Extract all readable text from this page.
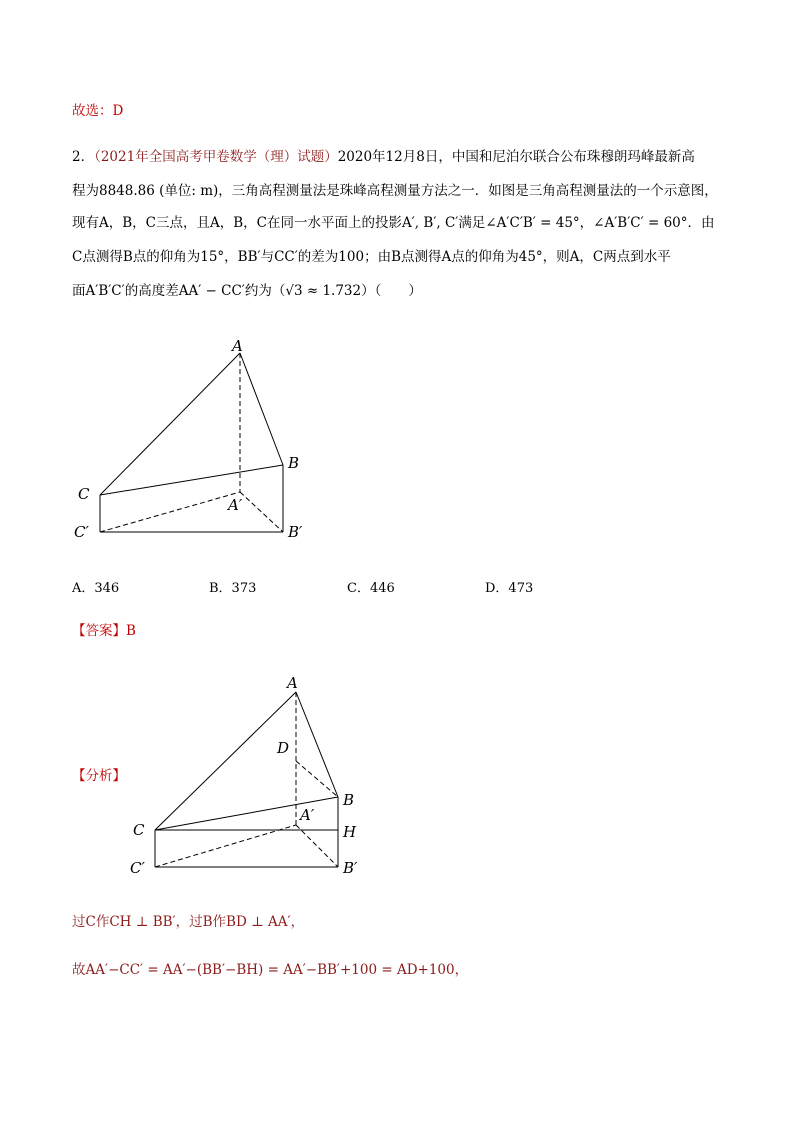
故选：D
2．（2021年全国高考甲卷数学（理）试题）2020年12月8日，中国和尼泊尔联合公布珠穆朗玛峰最新高
程为8848.86 (单位: m)，三角高程测量法是珠峰高程测量方法之一．如图是三角高程测量法的一个示意图，
现有A，B，C三点，且A，B，C在同一水平面上的投影A′, B′, C′满足∠A′C′B′ = 45°，∠A′B′C′ = 60°．由
C点测得B点的仰角为15°，BB′与CC′的差为100；由B点测得A点的仰角为45°，则A，C两点到水平
面A′B′C′的高度差AA′ − CC′约为（√3 ≈ 1.732）（　　）
A
B
C
A′
B′
C′
A．346	B．373	C．446	D．473
【答案】B
【分析】
A
D
B
C	H
A′
B′
C′
过C作CH ⊥ BB′，过B作BD ⊥ AA′，
故AA′−CC′ = AA′−(BB′−BH) = AA′−BB′+100 = AD+100，
